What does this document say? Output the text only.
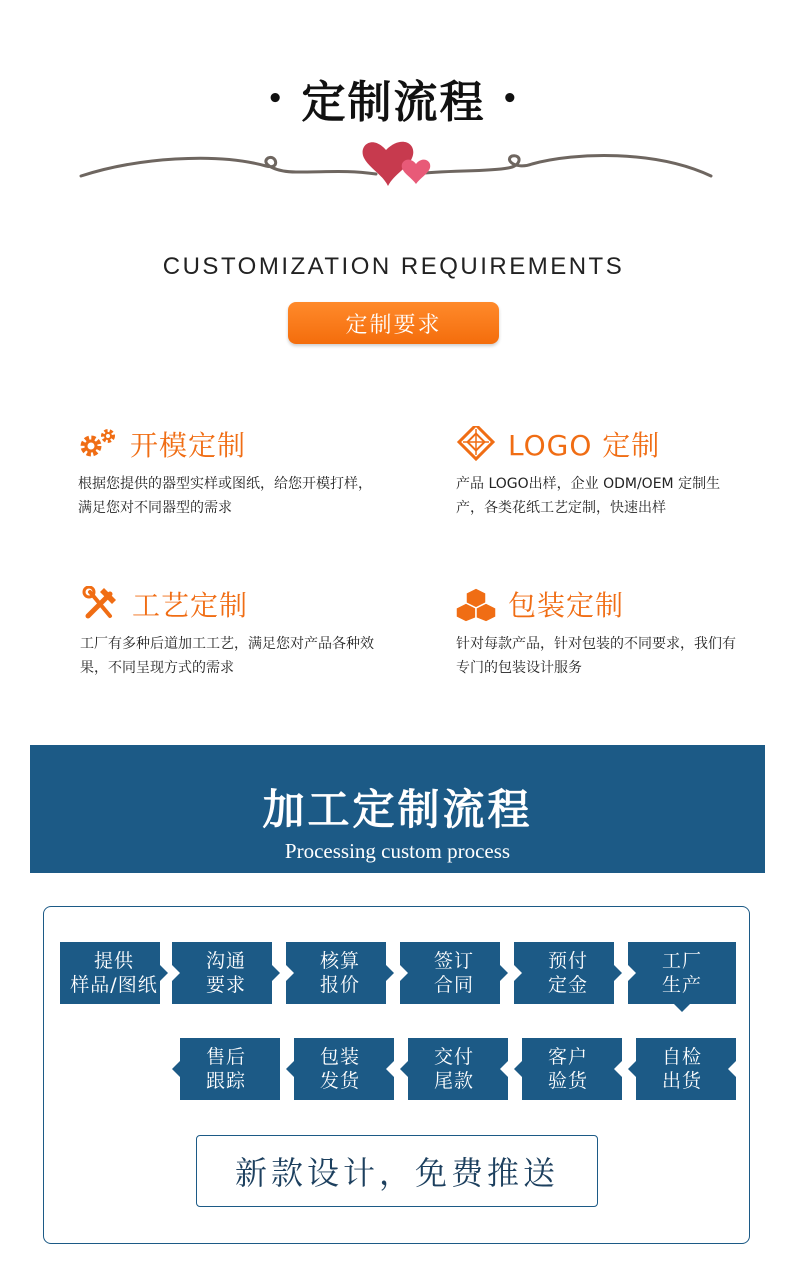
• 定制流程 •
CUSTOMIZATION REQUIREMENTS
定制要求
开模定制
根据您提供的器型实样或图纸，给您开模打样，满足您对不同器型的需求
LOGO 定制
产品 LOGO出样，企业 ODM/OEM 定制生产，各类花纸工艺定制，快速出样
工艺定制
工厂有多种后道加工工艺，满足您对产品各种效果，不同呈现方式的需求
包装定制
针对每款产品，针对包装的不同要求，我们有专门的包装设计服务
加工定制流程
Processing custom process
提供
样品/图纸
沟通
要求
核算
报价
签订
合同
预付
定金
工厂
生产
售后
跟踪
包装
发货
交付
尾款
客户
验货
自检
出货
新款设计，免费推送
